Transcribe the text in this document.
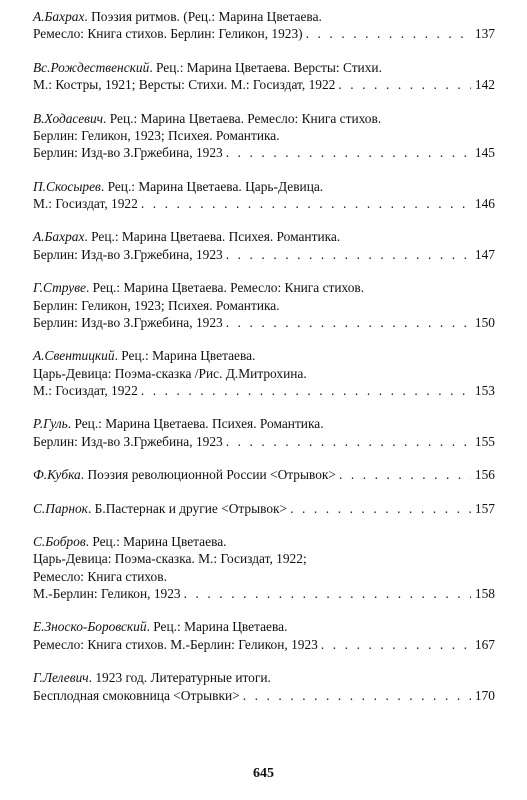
А.Бахрах. Поэзия ритмов. (Рец.: Марина Цветаева.
Ремесло: Книга стихов. Берлин: Геликон, 1923) . . .	137
Вс.Рождественский. Рец.: Марина Цветаева. Версты: Стихи.
М.: Костры, 1921; Версты: Стихи. М.: Госиздат, 1922 . . .	142
В.Ходасевич. Рец.: Марина Цветаева. Ремесло: Книга стихов.
Берлин: Геликон, 1923; Психея. Романтика.
Берлин: Изд-во З.Гржебина, 1923 . . .	145
П.Скосырев. Рец.: Марина Цветаева. Царь-Девица.
М.: Госиздат, 1922 . . .	146
А.Бахрах. Рец.: Марина Цветаева. Психея. Романтика.
Берлин: Изд-во З.Гржебина, 1923 . . .	147
Г.Струве. Рец.: Марина Цветаева. Ремесло: Книга стихов.
Берлин: Геликон, 1923; Психея. Романтика.
Берлин: Изд-во З.Гржебина, 1923 . . .	150
А.Свентицкий. Рец.: Марина Цветаева.
Царь-Девица: Поэма-сказка /Рис. Д.Митрохина.
М.: Госиздат, 1922 . . .	153
Р.Гуль. Рец.: Марина Цветаева. Психея. Романтика.
Берлин: Изд-во З.Гржебина, 1923 . . .	155
Ф.Кубка. Поэзия революционной России <Отрывок> . . .	156
С.Парнок. Б.Пастернак и другие <Отрывок> . . .	157
С.Бобров. Рец.: Марина Цветаева.
Царь-Девица: Поэма-сказка. М.: Госиздат, 1922;
Ремесло: Книга стихов.
М.-Берлин: Геликон, 1923 . . .	158
Е.Зноско-Боровский. Рец.: Марина Цветаева.
Ремесло: Книга стихов. М.-Берлин: Геликон, 1923 . . .	167
Г.Лелевич. 1923 год. Литературные итоги.
Бесплодная смоковница <Отрывки> . . .	170
645
